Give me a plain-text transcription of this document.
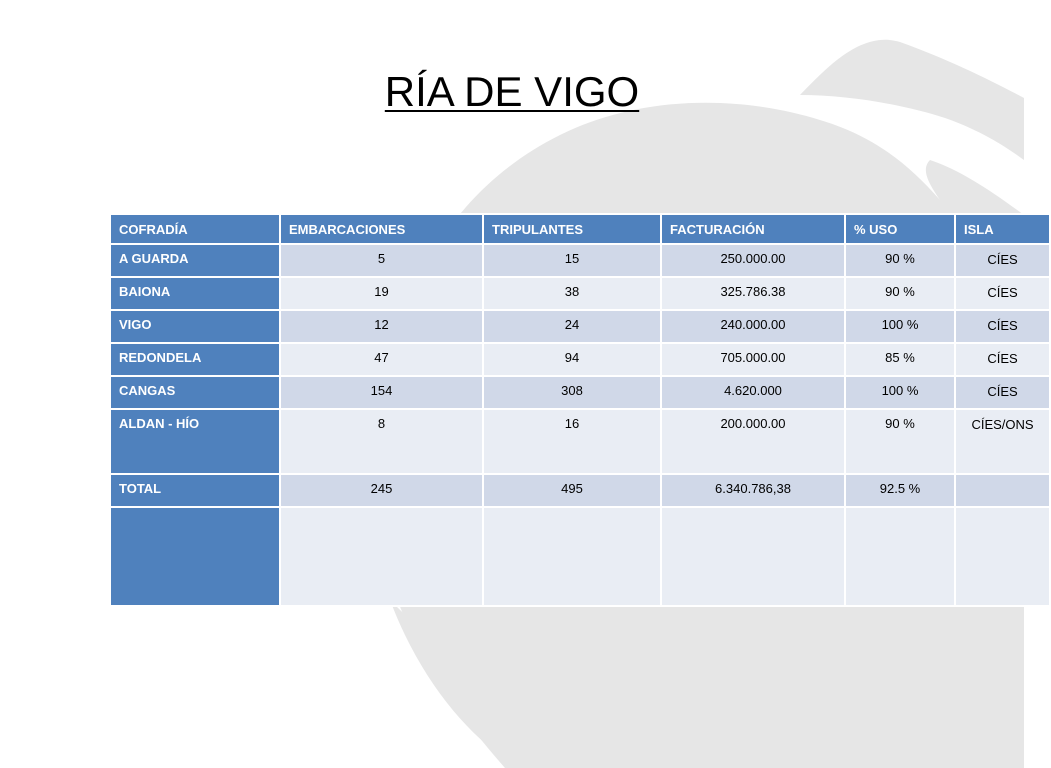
RÍA DE VIGO
COFRADÍA	EMBARCACIONES	TRIPULANTES	FACTURACIÓN	% USO	ISLA
A GUARDA	5	15	250.000.00	90 %	CÍES
BAIONA	19	38	325.786.38	90 %	CÍES
VIGO	12	24	240.000.00	100 %	CÍES
REDONDELA	47	94	705.000.00	85 %	CÍES
CANGAS	154	308	4.620.000	100 %	CÍES
ALDAN - HÍO	8	16	200.000.00	90 %	CÍES/ONS
TOTAL	245	495	6.340.786,38	92.5 %	
